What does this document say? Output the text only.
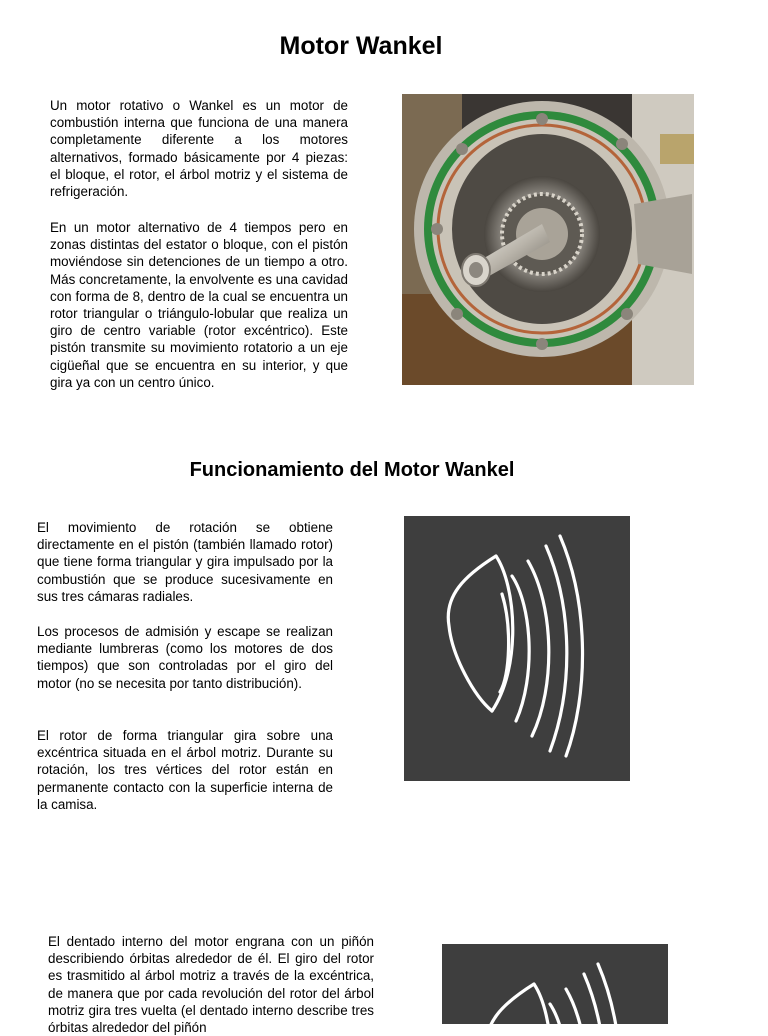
Motor Wankel

Un motor rotativo o Wankel es un motor de combustión interna que funciona de una manera completamente diferente a los motores alternativos, formado básicamente por 4 piezas: el bloque, el rotor, el árbol motriz y el sistema de refrigeración.

En un motor alternativo de 4 tiempos pero en zonas distintas del estator o bloque, con el pistón moviéndose sin detenciones de un tiempo a otro. Más concretamente, la envolvente es una cavidad con forma de 8, dentro de la cual se encuentra un rotor triangular o triángulo-lobular que realiza un giro de centro variable (rotor excéntrico). Este pistón transmite su movimiento rotatorio a un eje cigüeñal que se encuentra en su interior, y que gira ya con un centro único.

Funcionamiento del Motor Wankel

El movimiento de rotación se obtiene directamente en el pistón (también llamado rotor) que tiene forma triangular y gira impulsado por la combustión que se produce sucesivamente en sus tres cámaras radiales.

Los procesos de admisión y escape se realizan mediante lumbreras (como los motores de dos tiempos) que son controladas por el giro del motor (no se necesita por tanto distribución).

El rotor de forma triangular gira sobre una excéntrica situada en el árbol motriz. Durante su rotación, los tres vértices del rotor están en permanente contacto con la superficie interna de la camisa.

El dentado interno del motor engrana con un piñón describiendo órbitas alrededor de él. El giro del rotor es trasmitido al árbol motriz a través de la excéntrica, de manera que por cada revolución del rotor del árbol motriz gira tres vuelta (el dentado interno describe tres órbitas alrededor del piñón
